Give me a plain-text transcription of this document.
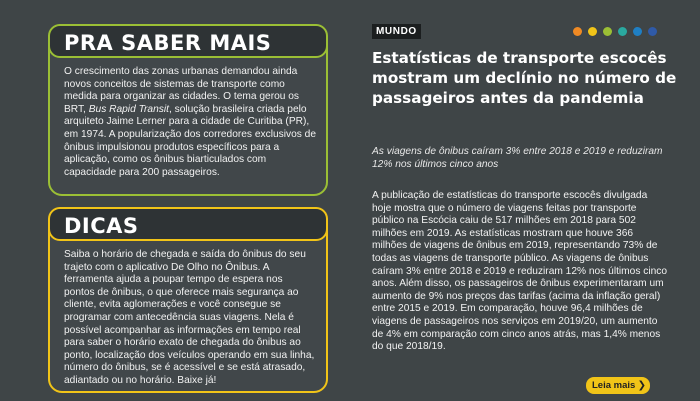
PRA SABER MAIS
O crescimento das zonas urbanas demandou ainda novos conceitos de sistemas de transporte como medida para organizar as cidades. O tema gerou os BRT, Bus Rapid Transit, solução brasileira criada pelo arquiteto Jaime Lerner para a cidade de Curitiba (PR), em 1974. A popularização dos corredores exclusivos de ônibus impulsionou produtos específicos para a aplicação, como os ônibus biarticulados com capacidade para 200 passageiros.
DICAS
Saiba o horário de chegada e saída do ônibus do seu trajeto com o aplicativo De Olho no Ônibus. A ferramenta ajuda a poupar tempo de espera nos pontos de ônibus, o que oferece mais segurança ao cliente, evita aglomerações e você consegue se programar com antecedência suas viagens. Nela é possível acompanhar as informações em tempo real para saber o horário exato de chegada do ônibus ao ponto, localização dos veículos operando em sua linha, número do ônibus, se é acessível e se está atrasado, adiantado ou no horário. Baixe já!
MUNDO
Estatísticas de transporte escocês mostram um declínio no número de passageiros antes da pandemia
As viagens de ônibus caíram 3% entre 2018 e 2019 e reduziram 12% nos últimos cinco anos
A publicação de estatísticas do transporte escocês divulgada hoje mostra que o número de viagens feitas por transporte público na Escócia caiu de 517 milhões em 2018 para 502 milhões em 2019. As estatísticas mostram que houve 366 milhões de viagens de ônibus em 2019, representando 73% de todas as viagens de transporte público. As viagens de ônibus caíram 3% entre 2018 e 2019 e reduziram 12% nos últimos cinco anos. Além disso, os passageiros de ônibus experimentaram um aumento de 9% nos preços das tarifas (acima da inflação geral) entre 2015 e 2019. Em comparação, houve 96,4 milhões de viagens de passageiros nos serviços em 2019/20, um aumento de 4% em comparação com cinco anos atrás, mas 1,4% menos do que 2018/19.
Leia mais ❯
